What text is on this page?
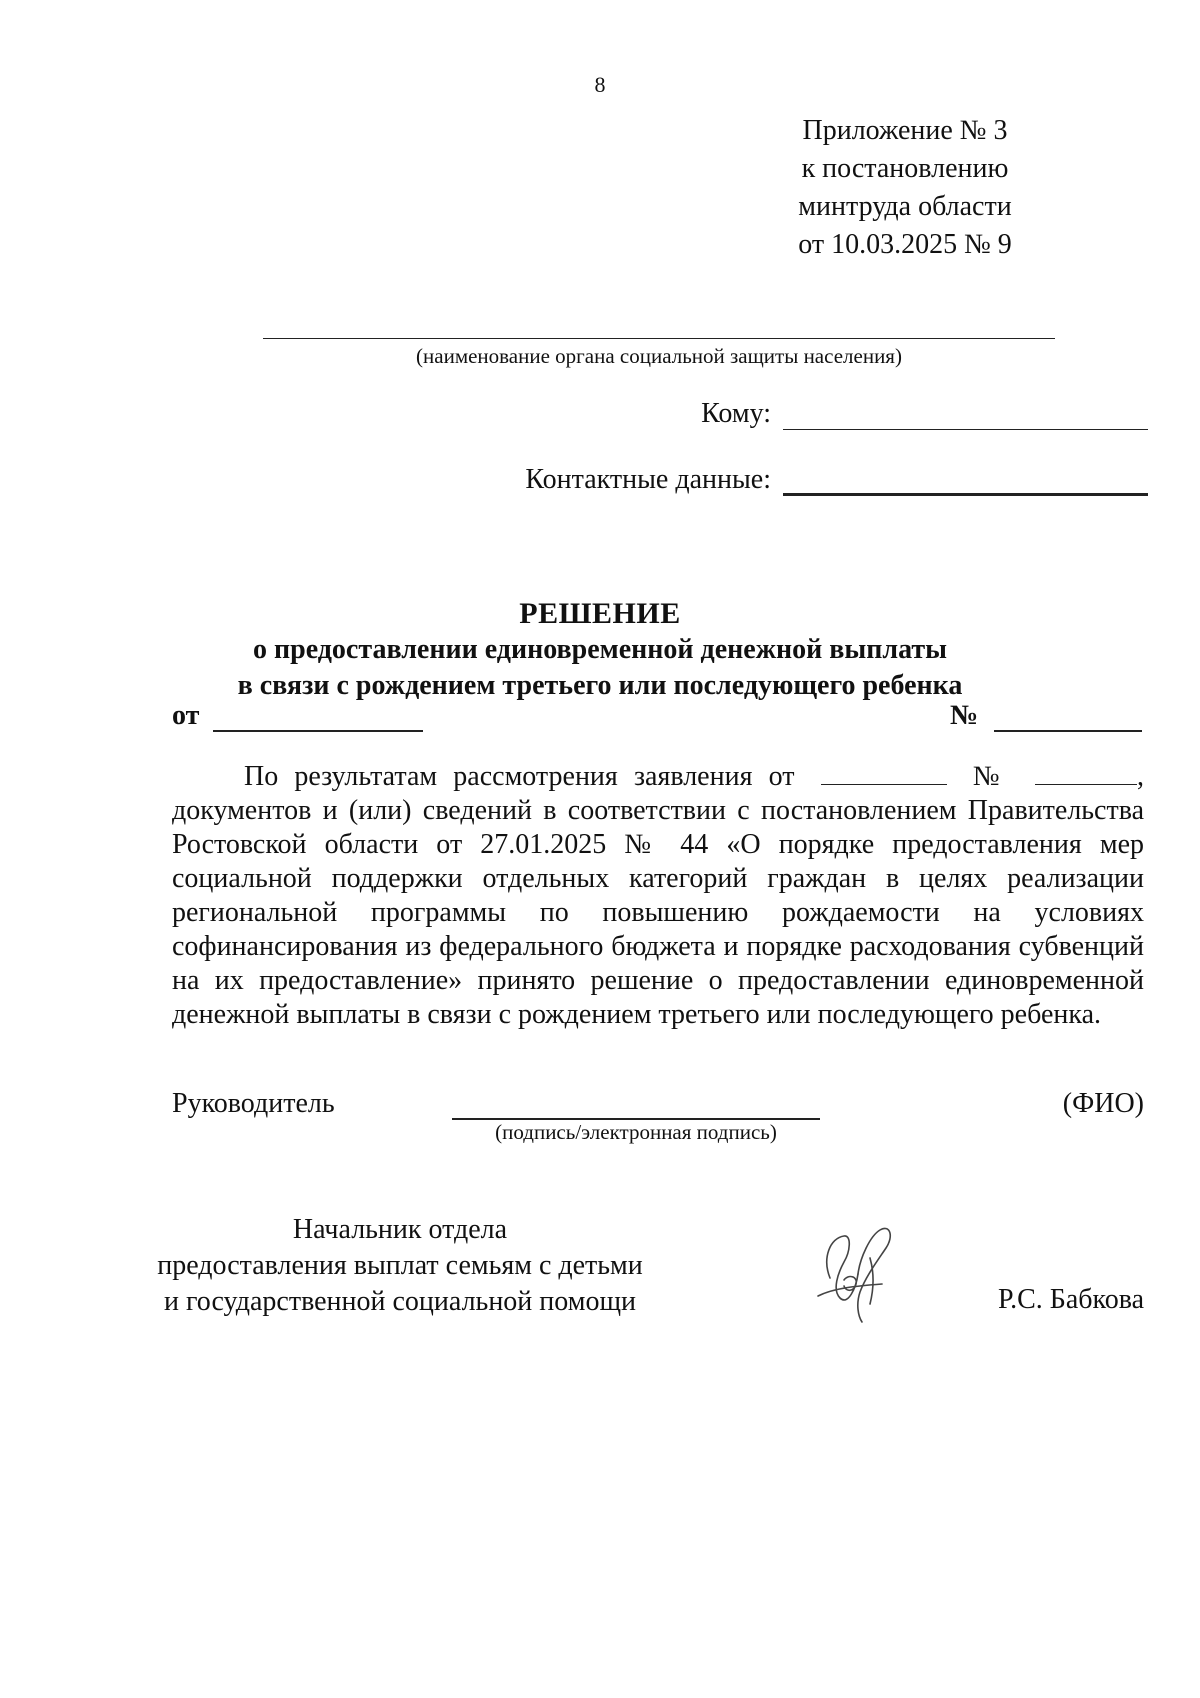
8
Приложение № 3
к постановлению
минтруда области
от 10.03.2025 № 9
(наименование органа социальной защиты населения)
Кому:
Контактные данные:
РЕШЕНИЕ
о предоставлении единовременной денежной выплаты
в связи с рождением третьего или последующего ребенка
от	№

По результатам рассмотрения заявления от	№	,

документов и (или) сведений в соответствии с постановлением Правительства Ростовской области от 27.01.2025 № 44 «О порядке предоставления мер социальной поддержки отдельных категорий граждан в целях реализации региональной программы по повышению рождаемости на условиях софинансирования из федерального бюджета и порядке расходования субвенций на их предоставление» принято решение о предоставлении единовременной денежной выплаты в связи с рождением третьего или последующего ребенка.

Руководитель
(подпись/электронная подпись)
(ФИО)
Начальник отдела
предоставления выплат семьям с детьми
и государственной социальной помощи	Р.С. Бабкова
